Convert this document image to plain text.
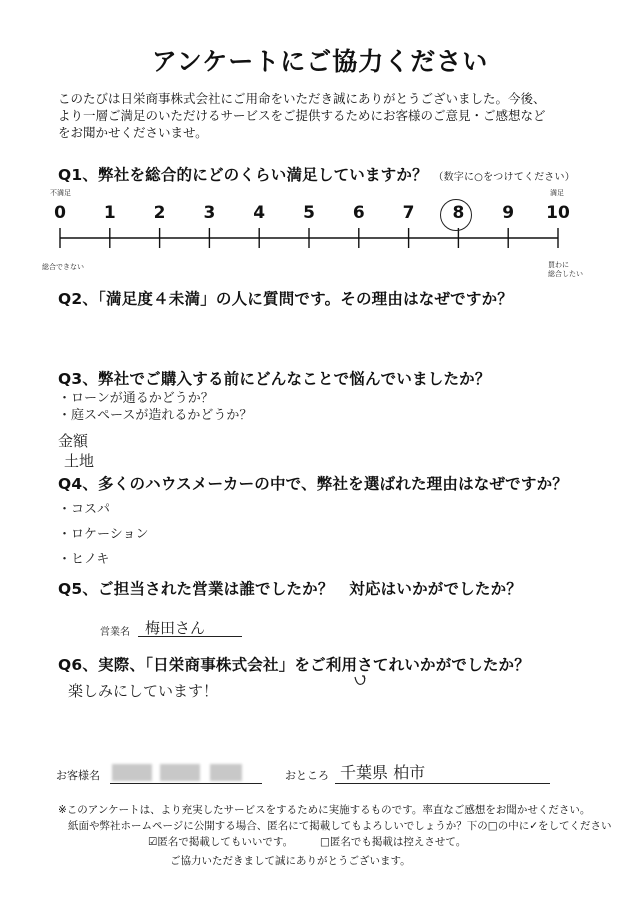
アンケートにご協力ください
このたびは日栄商事株式会社にご用命をいただき誠にありがとうございました。今後、
より一層ご満足のいただけるサービスをご提供するためにお客様のご意見・ご感想など
をお聞かせくださいませ。
Q1、弊社を総合的にどのくらい満足していますか？ （数字に○をつけてください）
不満足	満足
0 1 2 3 4 5 6 7 8 9 10
総合できない	買わに
総合したい
Q2、「満足度４未満」の人に質問です。その理由はなぜですか？
Q3、弊社でご購入する前にどんなことで悩んでいましたか？
・ローンが通るかどうか？
・庭スペースが造れるかどうか？
金額
土地
Q4、多くのハウスメーカーの中で、弊社を選ばれた理由はなぜですか？
・コスパ
・ロケーション
・ヒノキ
Q5、ご担当された営業は誰でしたか？　対応はいかがでしたか？
営業名 梅田さん
Q6、実際、「日栄商事株式会社」をご利用さてれいかがでしたか？
楽しみにしています！
お客様名	おところ 千葉県 柏市
※このアンケートは、より充実したサービスをするために実施するものです。率直なご感想をお聞かせください。
紙面や弊社ホームページに公開する場合、匿名にて掲載してもよろしいでしょうか？下の□の中に✓をしてください
☑匿名で掲載してもいいです。	□匿名でも掲載は控えさせて。
ご協力いただきまして誠にありがとうございます。
